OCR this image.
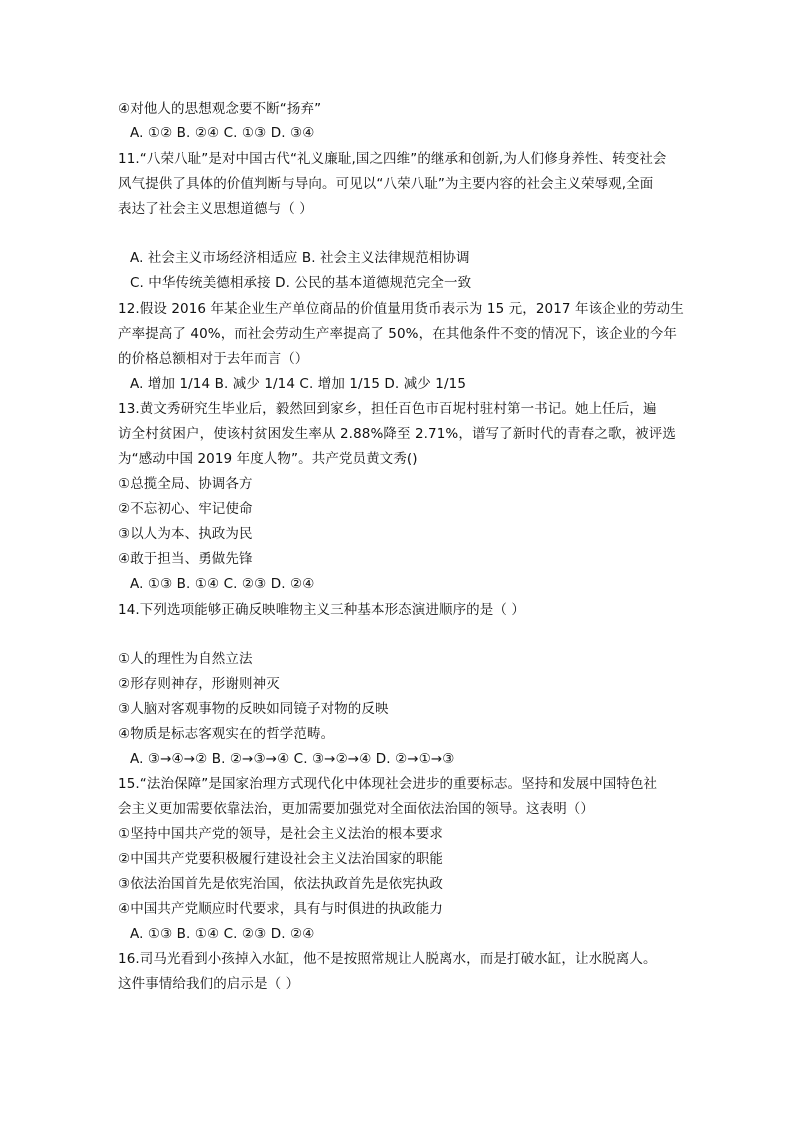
④对他人的思想观念要不断“扬弃”
A. ①② B. ②④ C. ①③ D. ③④
11.“八荣八耻”是对中国古代“礼义廉耻,国之四维”的继承和创新,为人们修身养性、转变社会
风气提供了具体的价值判断与导向。可见以“八荣八耻”为主要内容的社会主义荣辱观,全面
表达了社会主义思想道德与（ ）
A. 社会主义市场经济相适应 B. 社会主义法律规范相协调
C. 中华传统美德相承接 D. 公民的基本道德规范完全一致
12.假设 2016 年某企业生产单位商品的价值量用货币表示为 15 元，2017 年该企业的劳动生
产率提高了 40%，而社会劳动生产率提高了 50%，在其他条件不变的情况下，该企业的今年
的价格总额相对于去年而言（）
A. 增加 1/14 B. 减少 1/14 C. 增加 1/15 D. 减少 1/15
13.黄文秀研究生毕业后，毅然回到家乡，担任百色市百坭村驻村第一书记。她上任后，遍
访全村贫困户，使该村贫困发生率从 2.88%降至 2.71%，谱写了新时代的青春之歌，被评选
为“感动中国 2019 年度人物”。共产党员黄文秀()
①总揽全局、协调各方
②不忘初心、牢记使命
③以人为本、执政为民
④敢于担当、勇做先锋
A. ①③ B. ①④ C. ②③ D. ②④
14.下列选项能够正确反映唯物主义三种基本形态演进顺序的是（ ）
①人的理性为自然立法
②形存则神存，形谢则神灭
③人脑对客观事物的反映如同镜子对物的反映
④物质是标志客观实在的哲学范畴。
A. ③→④→② B. ②→③→④ C. ③→②→④ D. ②→①→③
15.“法治保障”是国家治理方式现代化中体现社会进步的重要标志。坚持和发展中国特色社
会主义更加需要依靠法治，更加需要加强党对全面依法治国的领导。这表明（）
①坚持中国共产党的领导，是社会主义法治的根本要求
②中国共产党要积极履行建设社会主义法治国家的职能
③依法治国首先是依宪治国，依法执政首先是依宪执政
④中国共产党顺应时代要求，具有与时俱进的执政能力
A. ①③ B. ①④ C. ②③ D. ②④
16.司马光看到小孩掉入水缸，他不是按照常规让人脱离水，而是打破水缸，让水脱离人。
这件事情给我们的启示是（ ）
